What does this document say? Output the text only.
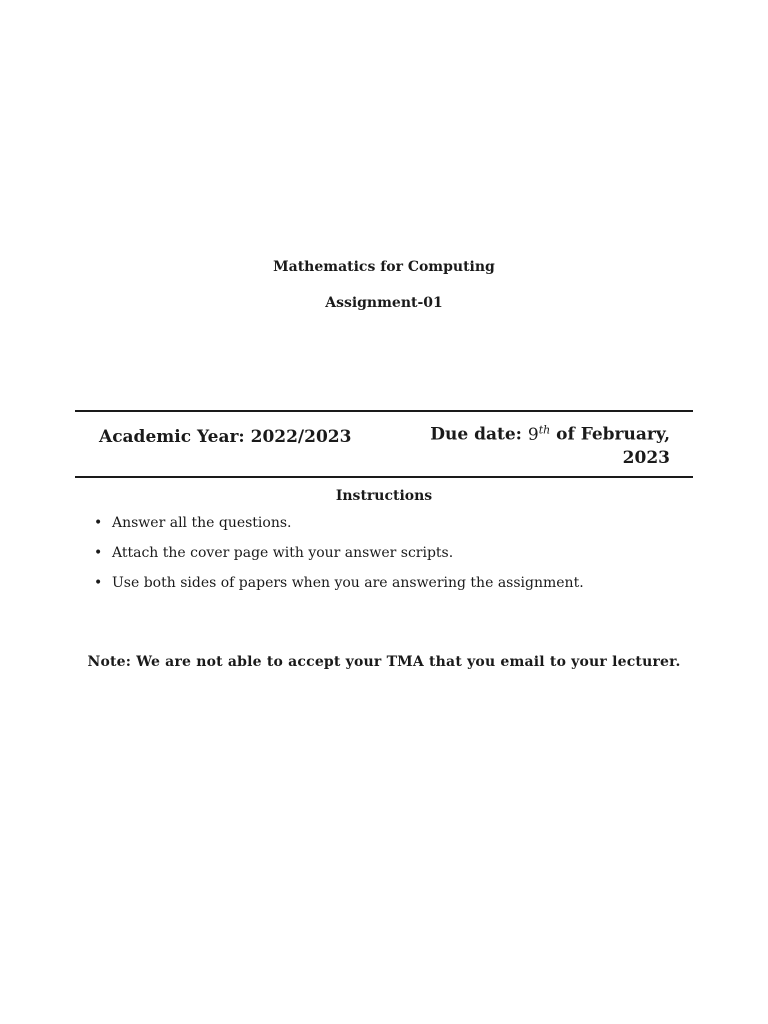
Mathematics for Computing

Assignment-01

Academic Year: 2022/2023	Due date: 9th of February,
2023

Instructions

• Answer all the questions.
• Attach the cover page with your answer scripts.
• Use both sides of papers when you are answering the assignment.

Note: We are not able to accept your TMA that you email to your lecturer.
